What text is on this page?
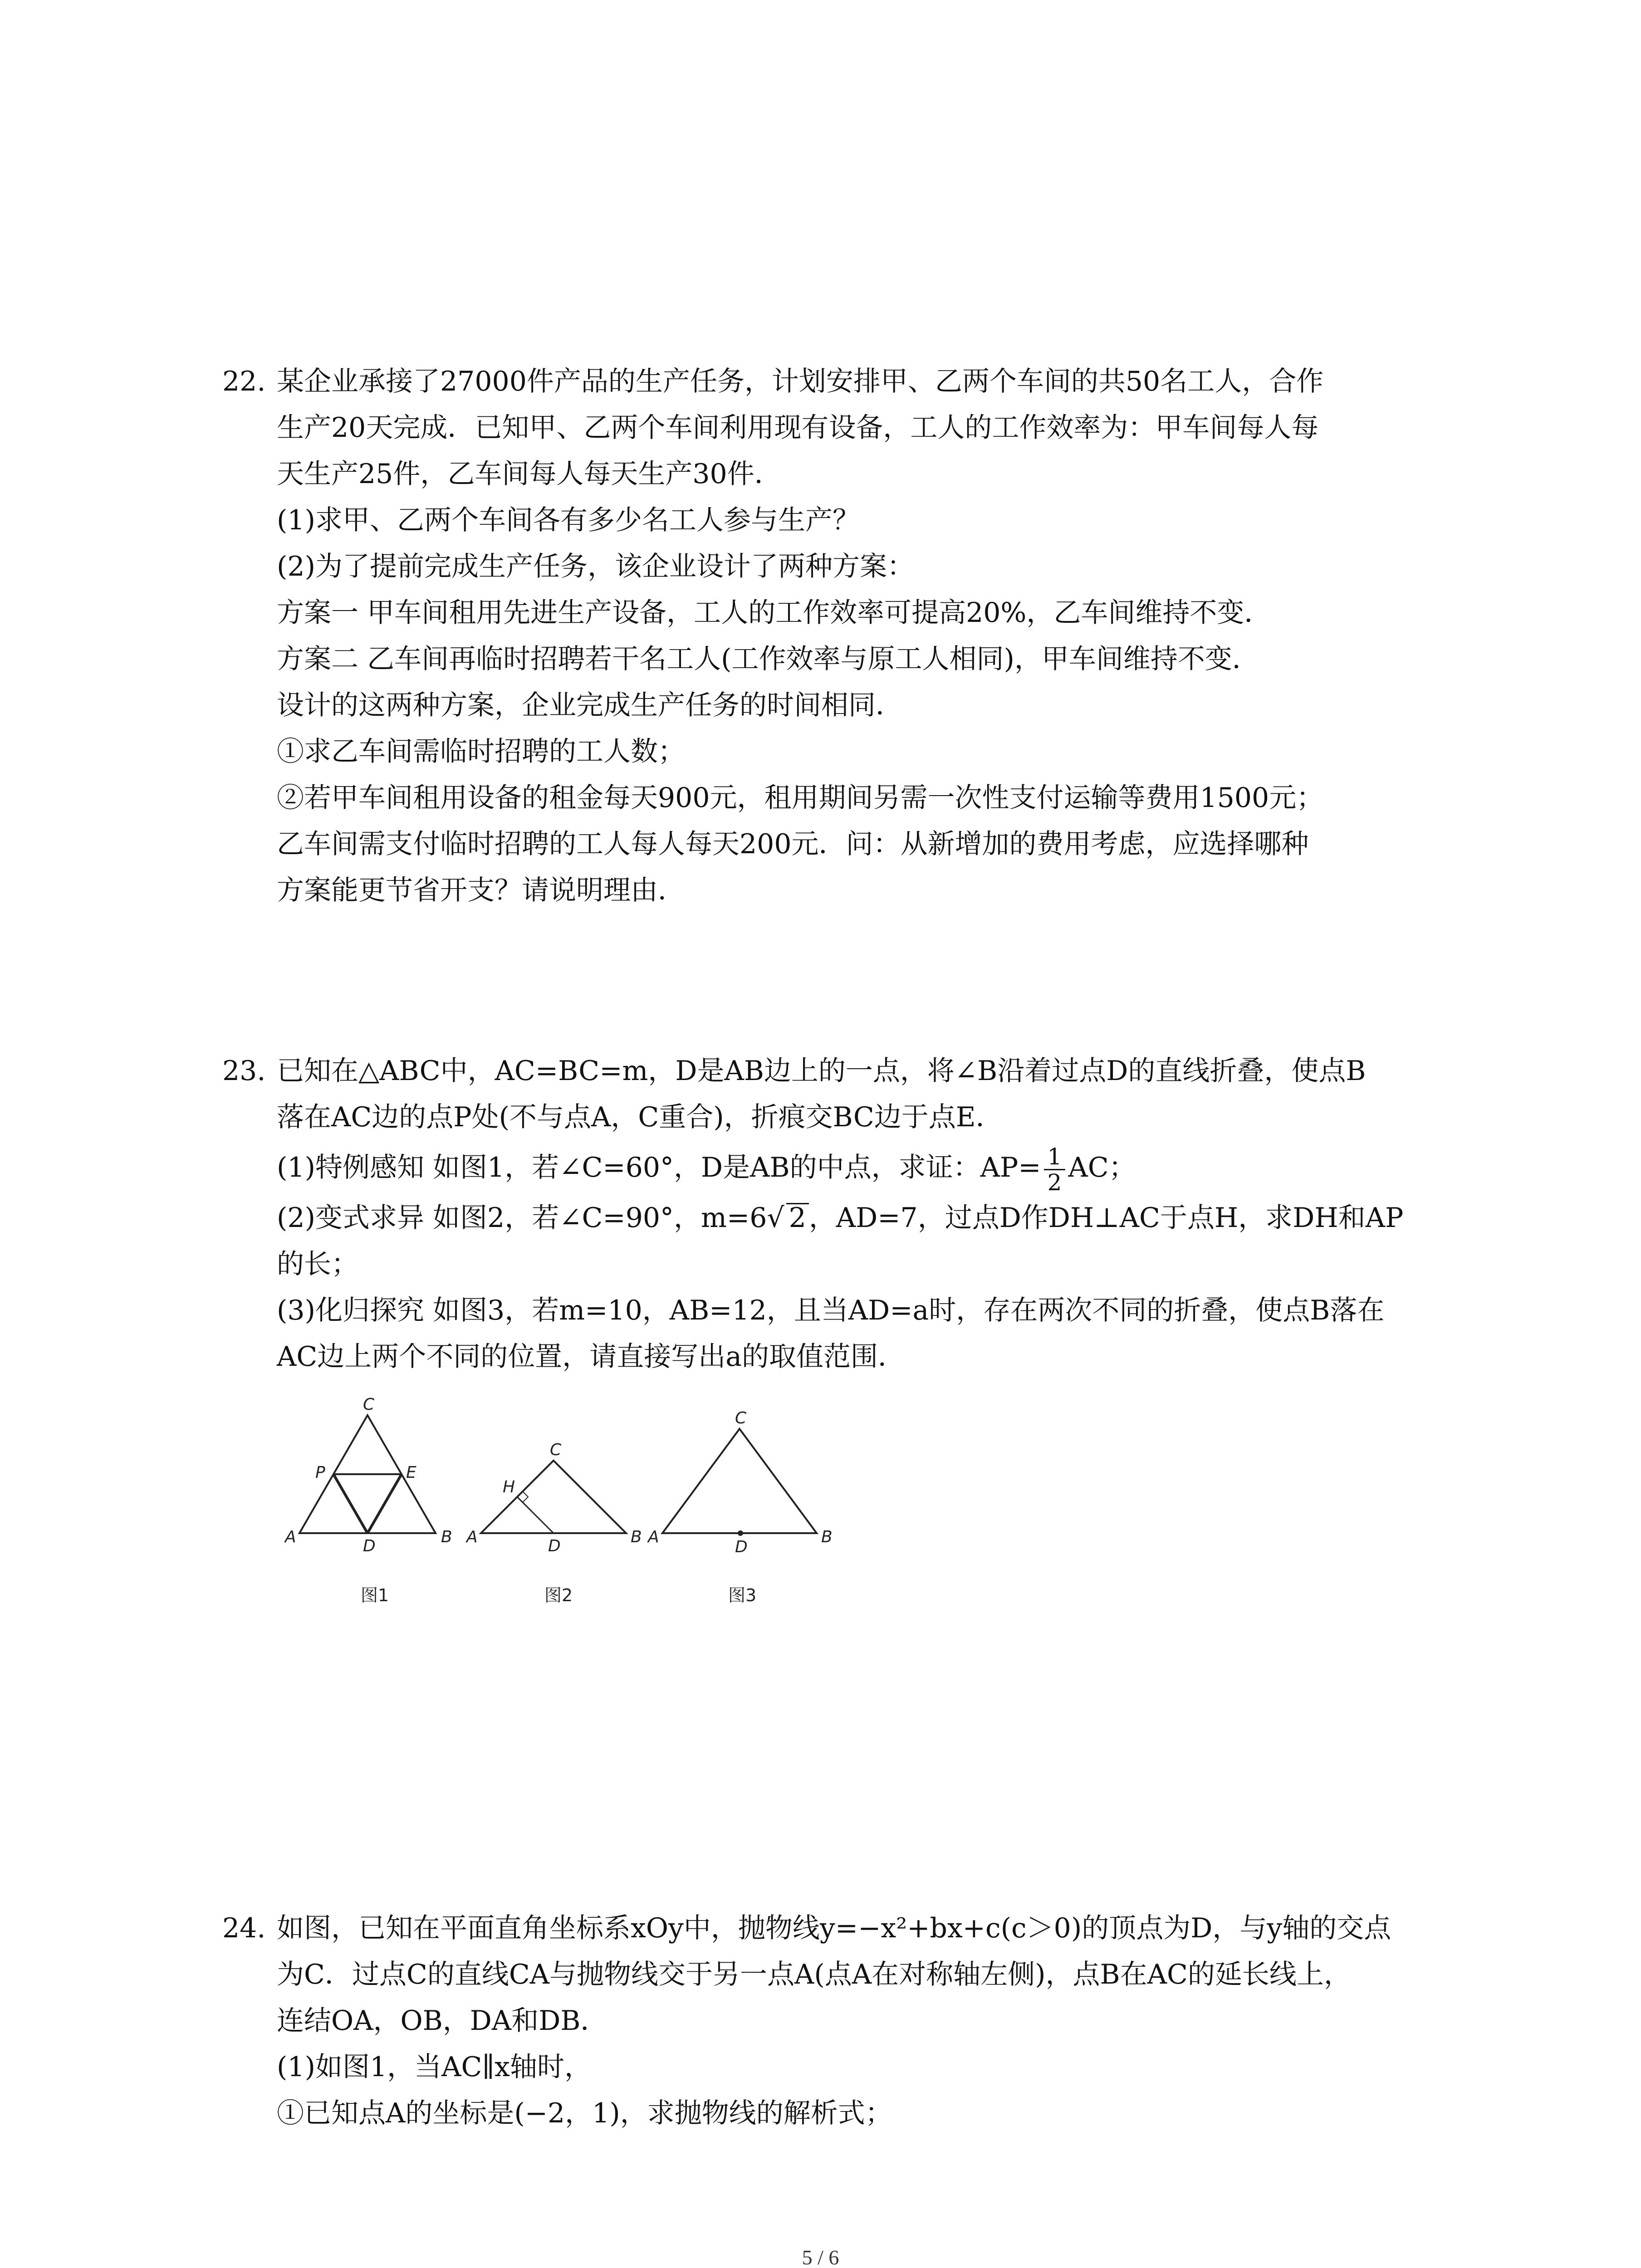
22. 某企业承接了27000件产品的生产任务，计划安排甲、乙两个车间的共50名工人，合作
生产20天完成．已知甲、乙两个车间利用现有设备，工人的工作效率为：甲车间每人每
天生产25件，乙车间每人每天生产30件．
(1)求甲、乙两个车间各有多少名工人参与生产？
(2)为了提前完成生产任务，该企业设计了两种方案：
方案一 甲车间租用先进生产设备，工人的工作效率可提高20%，乙车间维持不变．
方案二 乙车间再临时招聘若干名工人(工作效率与原工人相同)，甲车间维持不变．
设计的这两种方案，企业完成生产任务的时间相同．
①求乙车间需临时招聘的工人数；
②若甲车间租用设备的租金每天900元，租用期间另需一次性支付运输等费用1500元；
乙车间需支付临时招聘的工人每人每天200元．问：从新增加的费用考虑，应选择哪种
方案能更节省开支？请说明理由．
23. 已知在△ABC中，AC=BC=m，D是AB边上的一点，将∠B沿着过点D的直线折叠，使点B
落在AC边的点P处(不与点A，C重合)，折痕交BC边于点E．
(1)特例感知 如图1，若∠C=60°，D是AB的中点，求证：$AP= \frac{1}{2}$ AC；
(2)变式求异 如图2，若∠C=90°，m=6√ 2 ，AD=7，过点D作DH⊥AC于点H，求DH和AP
的长；
(3)化归探究 如图3，若m=10，AB=12，且当AD=a时，存在两次不同的折叠，使点B落在
AC边上两个不同的位置，请直接写出a的取值范围．
C
P	E
A	D	B
图1
C
H
A	D	B
图2
C
A
D
B
图3
24. 如图，已知在平面直角坐标系xOy中，抛物线y=−x²+bx+c(c＞0)的顶点为D，与y轴的交点
为C．过点C的直线CA与抛物线交于另一点A(点A在对称轴左侧)，点B在AC的延长线上，
连结OA，OB，DA和DB．
(1)如图1，当AC∥x轴时，
①已知点A的坐标是(−2，1)，求抛物线的解析式；
5 / 6
